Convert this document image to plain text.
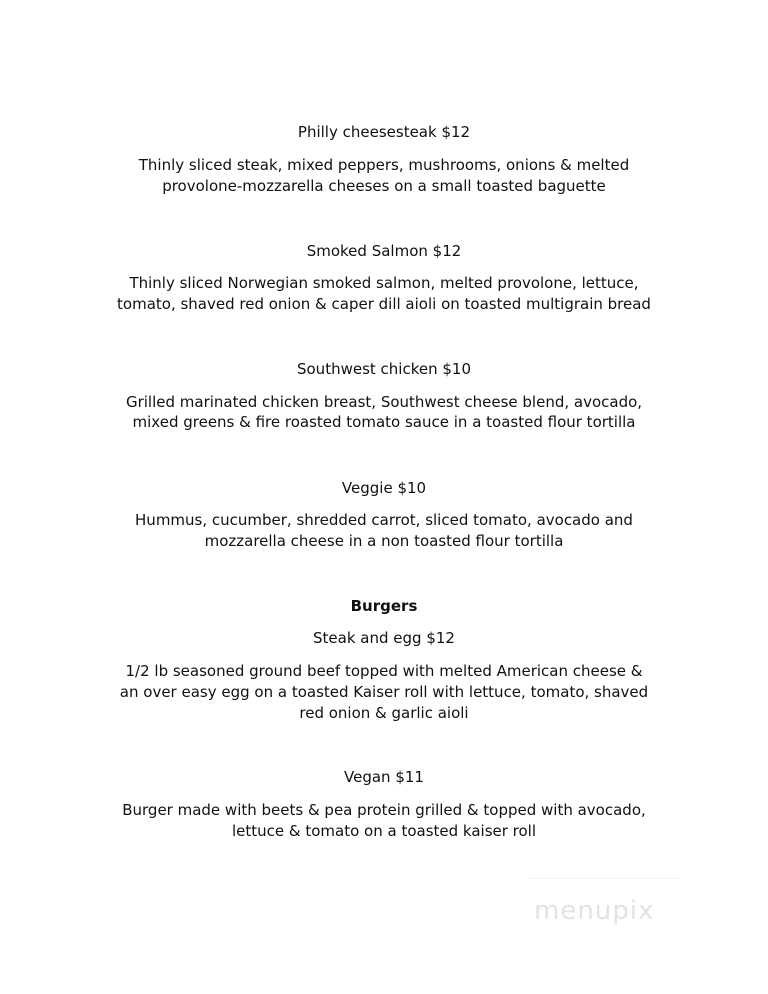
Philly cheesesteak $12
Thinly sliced steak, mixed peppers, mushrooms, onions & melted
provolone-mozzarella cheeses on a small toasted baguette
Smoked Salmon $12
Thinly sliced Norwegian smoked salmon, melted provolone, lettuce,
tomato, shaved red onion & caper dill aioli on toasted multigrain bread
Southwest chicken $10
Grilled marinated chicken breast, Southwest cheese blend, avocado,
mixed greens & fire roasted tomato sauce in a toasted flour tortilla
Veggie $10
Hummus, cucumber, shredded carrot, sliced tomato, avocado and
mozzarella cheese in a non toasted flour tortilla
Burgers
Steak and egg $12
1/2 lb seasoned ground beef topped with melted American cheese &
an over easy egg on a toasted Kaiser roll with lettuce, tomato, shaved
red onion & garlic aioli
Vegan $11
Burger made with beets & pea protein grilled & topped with avocado,
lettuce & tomato on a toasted kaiser roll
menupix
